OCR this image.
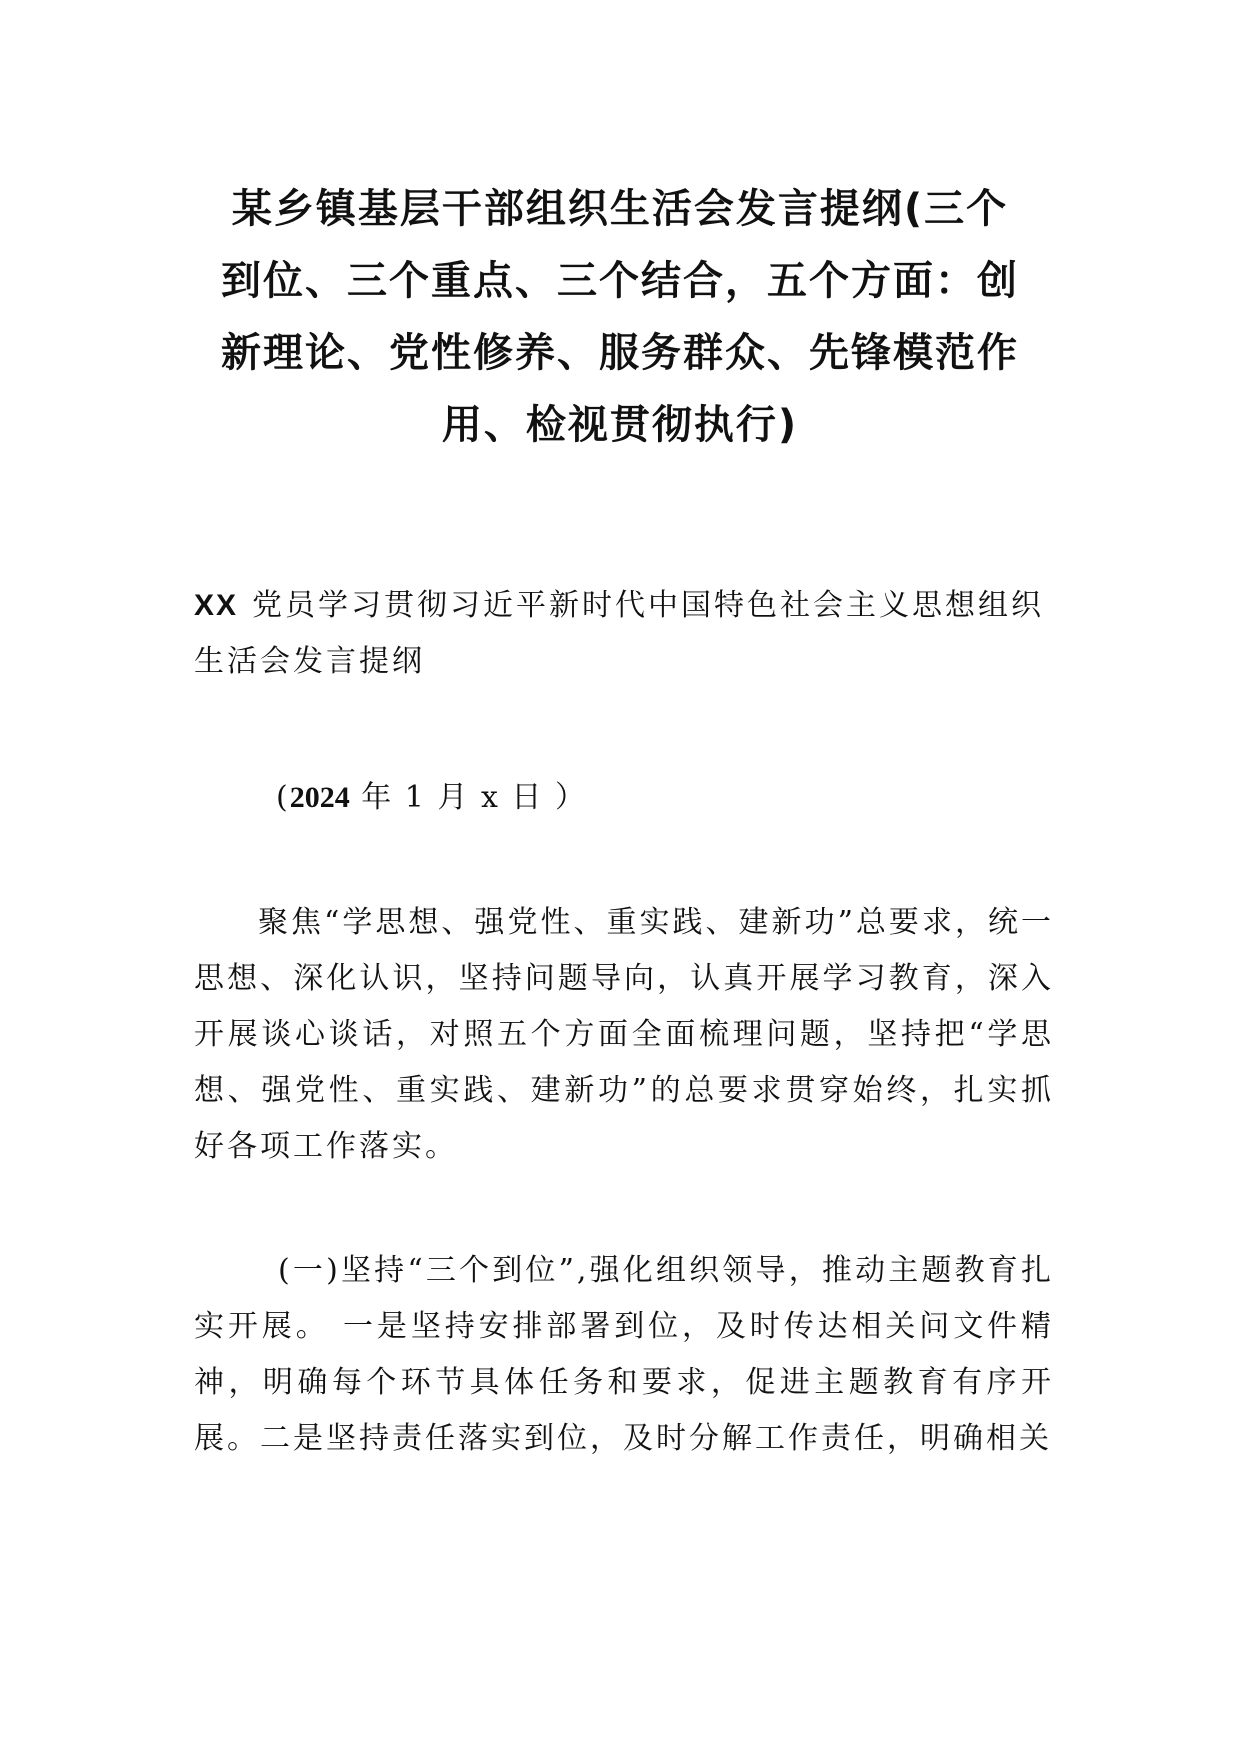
某乡镇基层干部组织生活会发言提纲(三个
到位、三个重点、三个结合，五个方面：创
新理论、党性修养、服务群众、先锋模范作
用、检视贯彻执行)
XX 党员学习贯彻习近平新时代中国特色社会主义思想组织生活会发言提纲
(2024 年 1 月 x 日 ）
聚焦“学思想、强党性、重实践、建新功”总要求，统一思想、深化认识，坚持问题导向，认真开展学习教育，深入开展谈心谈话，对照五个方面全面梳理问题，坚持把“学思想、强党性、重实践、建新功”的总要求贯穿始终，扎实抓好各项工作落实。
(一)坚持“三个到位”,强化组织领导，推动主题教育扎实开展。 一是坚持安排部署到位，及时传达相关问文件精神，明确每个环节具体任务和要求，促进主题教育有序开展。二是坚持责任落实到位，及时分解工作责任，明确相关
